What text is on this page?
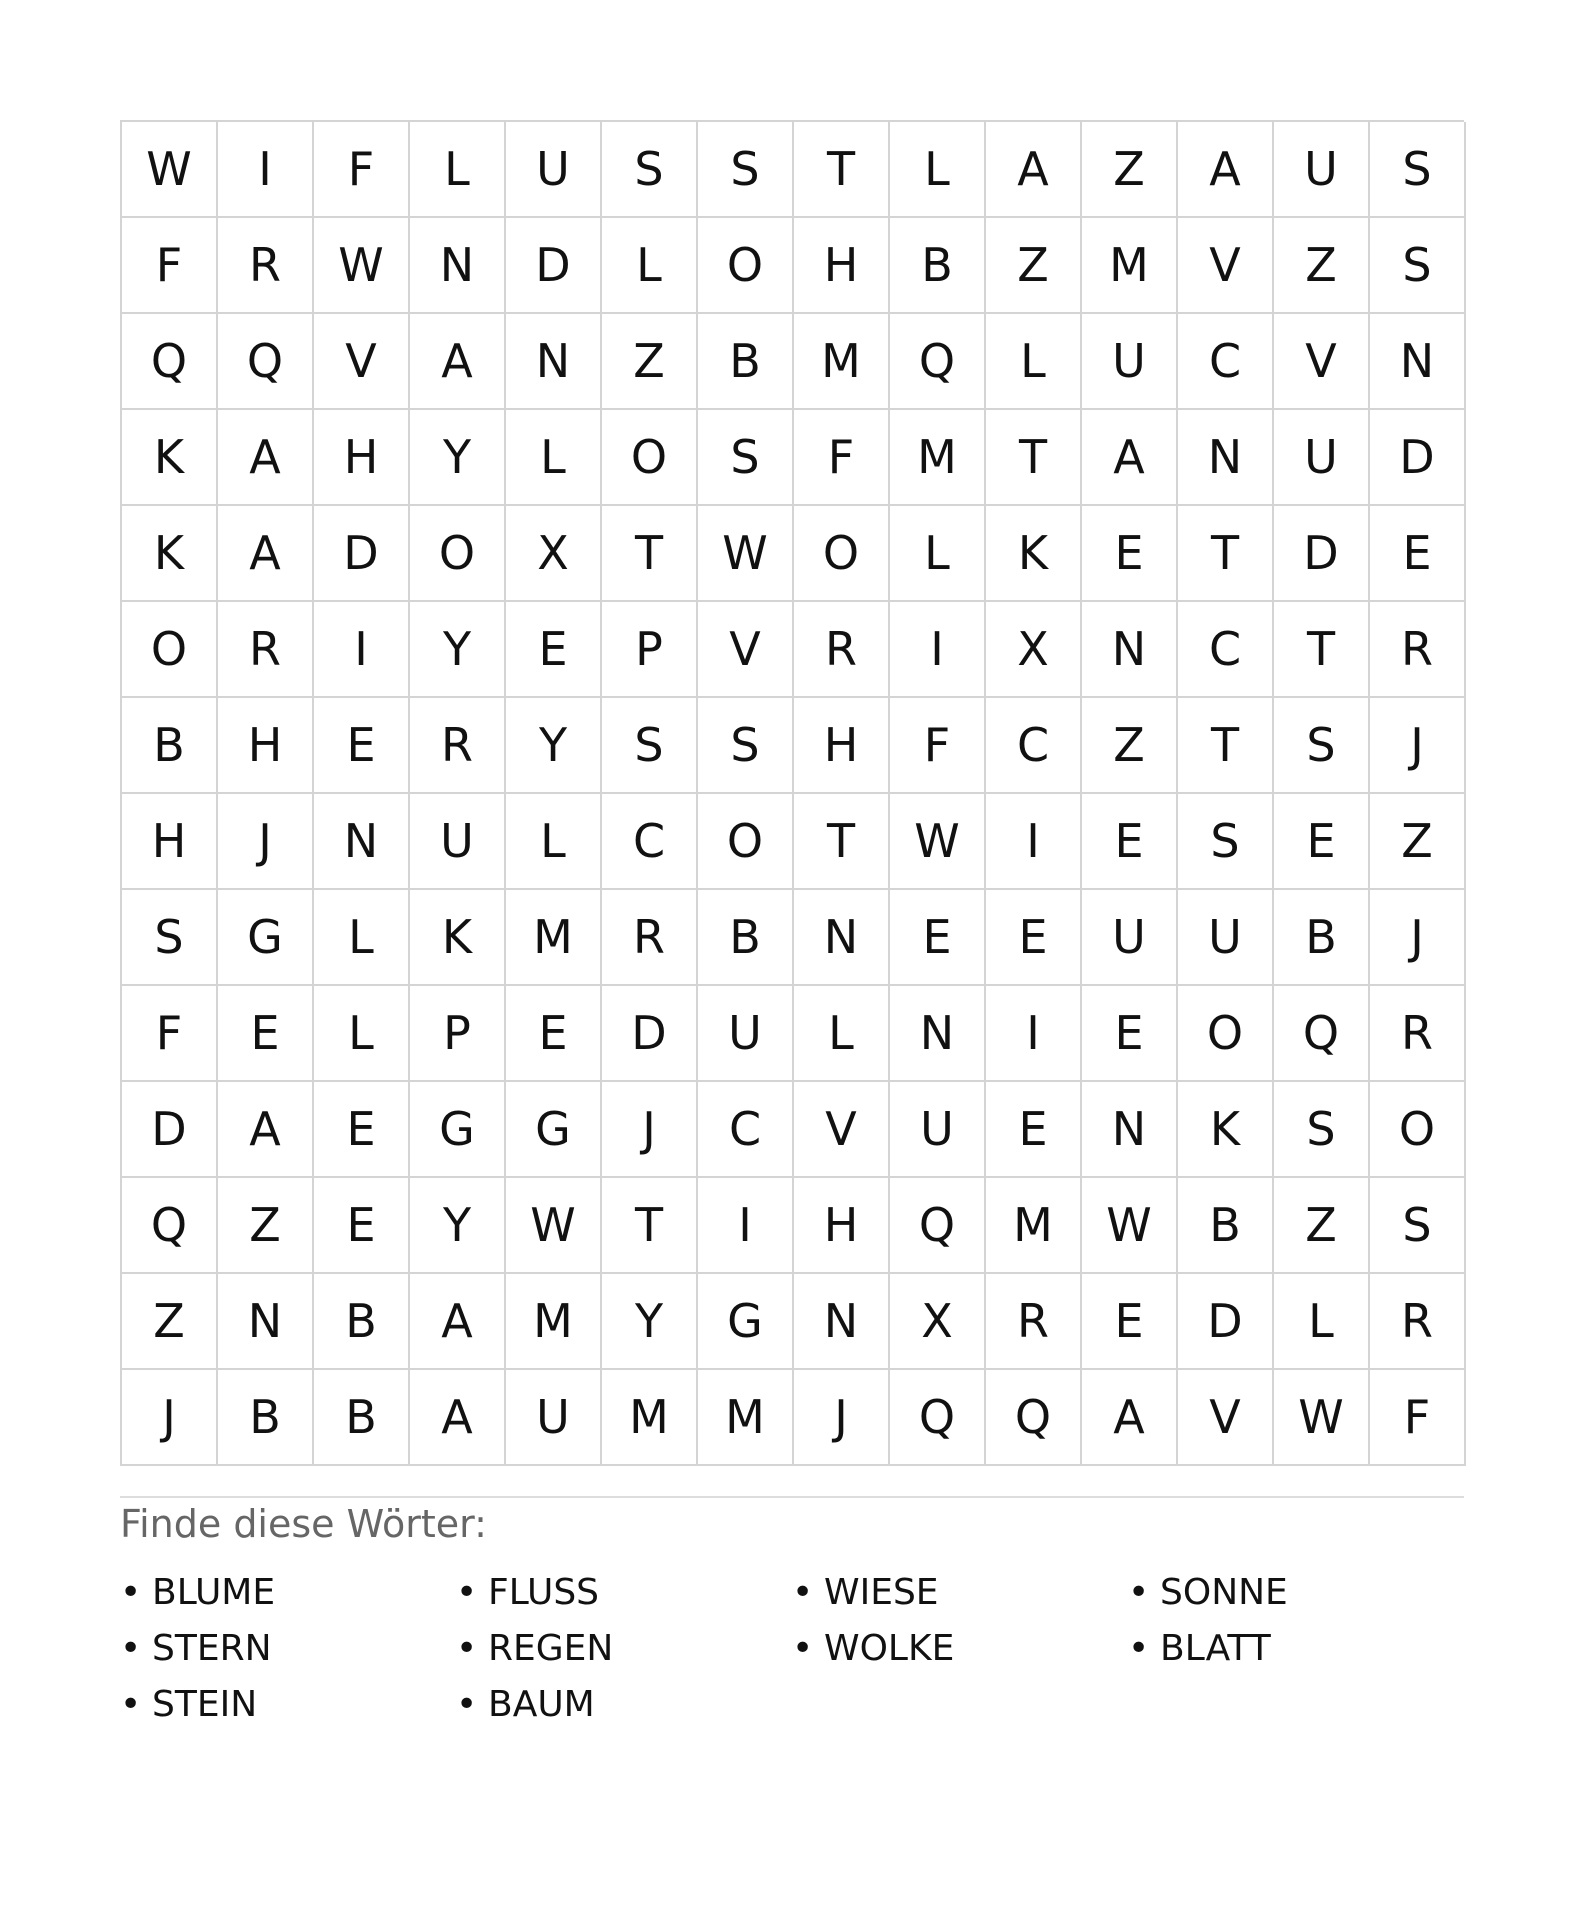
W	I	F	L	U	S	S	T	L	A	Z	A	U	S
F	R	W	N	D	L	O	H	B	Z	M	V	Z	S
Q	Q	V	A	N	Z	B	M	Q	L	U	C	V	N
K	A	H	Y	L	O	S	F	M	T	A	N	U	D
K	A	D	O	X	T	W	O	L	K	E	T	D	E
O	R	I	Y	E	P	V	R	I	X	N	C	T	R
B	H	E	R	Y	S	S	H	F	C	Z	T	S	J
H	J	N	U	L	C	O	T	W	I	E	S	E	Z
S	G	L	K	M	R	B	N	E	E	U	U	B	J
F	E	L	P	E	D	U	L	N	I	E	O	Q	R
D	A	E	G	G	J	C	V	U	E	N	K	S	O
Q	Z	E	Y	W	T	I	H	Q	M	W	B	Z	S
Z	N	B	A	M	Y	G	N	X	R	E	D	L	R
J	B	B	A	U	M	M	J	Q	Q	A	V	W	F
Finde diese Wörter:
• BLUME	• FLUSS	• WIESE	• SONNE
• STERN	• REGEN	• WOLKE	• BLATT
• STEIN	• BAUM
